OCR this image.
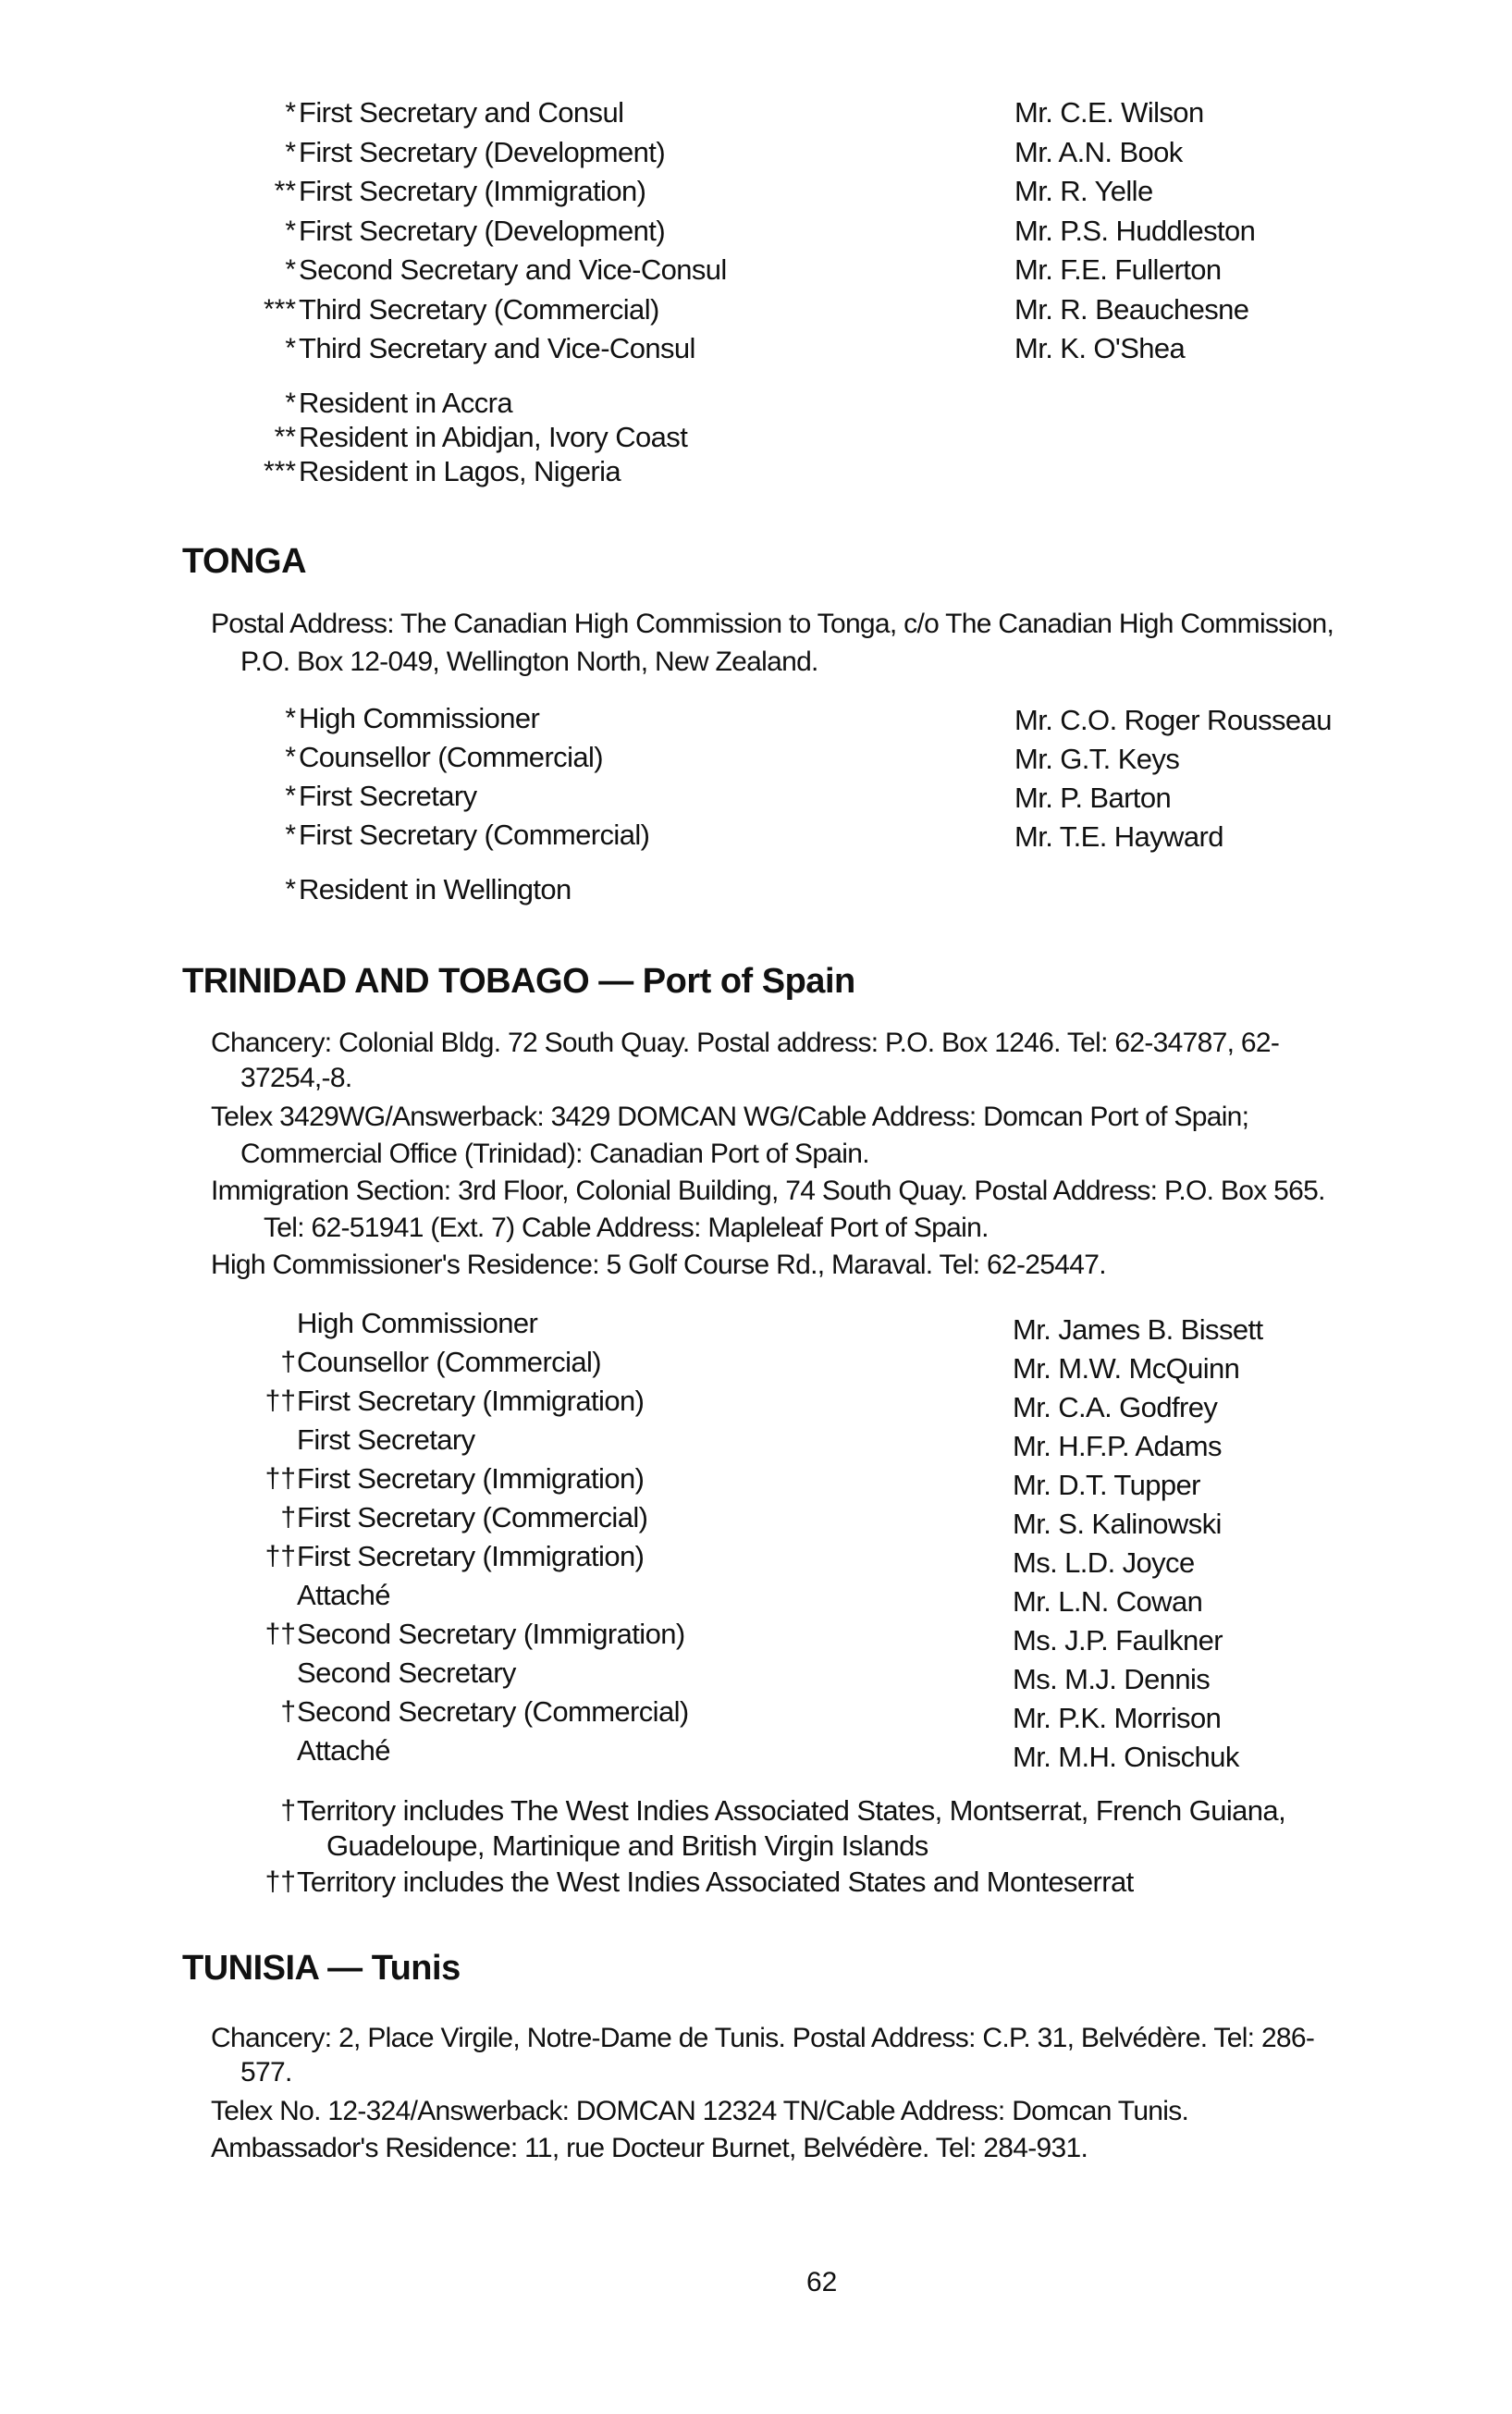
* First Secretary and Consul	Mr. C.E. Wilson
* First Secretary (Development)	Mr. A.N. Book
** First Secretary (Immigration)	Mr. R. Yelle
* First Secretary (Development)	Mr. P.S. Huddleston
* Second Secretary and Vice-Consul	Mr. F.E. Fullerton
*** Third Secretary (Commercial)	Mr. R. Beauchesne
* Third Secretary and Vice-Consul	Mr. K. O'Shea
* Resident in Accra
** Resident in Abidjan, Ivory Coast
*** Resident in Lagos, Nigeria
TONGA
Postal Address: The Canadian High Commission to Tonga, c/o The Canadian High Commission,
P.O. Box 12-049, Wellington North, New Zealand.
* High Commissioner	Mr. C.O. Roger Rousseau
* Counsellor (Commercial)	Mr. G.T. Keys
* First Secretary	Mr. P. Barton
* First Secretary (Commercial)	Mr. T.E. Hayward
* Resident in Wellington
TRINIDAD AND TOBAGO — Port of Spain
Chancery: Colonial Bldg. 72 South Quay. Postal address: P.O. Box 1246. Tel: 62-34787, 62-
37254,-8.
Telex 3429WG/Answerback: 3429 DOMCAN WG/Cable Address: Domcan Port of Spain;
Commercial Office (Trinidad): Canadian Port of Spain.
Immigration Section: 3rd Floor, Colonial Building, 74 South Quay. Postal Address: P.O. Box 565.
Tel: 62-51941 (Ext. 7) Cable Address: Mapleleaf Port of Spain.
High Commissioner's Residence: 5 Golf Course Rd., Maraval. Tel: 62-25447.
High Commissioner	Mr. James B. Bissett
† Counsellor (Commercial)	Mr. M.W. McQuinn
†† First Secretary (Immigration)	Mr. C.A. Godfrey
First Secretary	Mr. H.F.P. Adams
†† First Secretary (Immigration)	Mr. D.T. Tupper
† First Secretary (Commercial)	Mr. S. Kalinowski
†† First Secretary (Immigration)	Ms. L.D. Joyce
Attaché	Mr. L.N. Cowan
†† Second Secretary (Immigration)	Ms. J.P. Faulkner
Second Secretary	Ms. M.J. Dennis
† Second Secretary (Commercial)	Mr. P.K. Morrison
Attaché	Mr. M.H. Onischuk
† Territory includes The West Indies Associated States, Montserrat, French Guiana,
Guadeloupe, Martinique and British Virgin Islands
†† Territory includes the West Indies Associated States and Monteserrat
TUNISIA — Tunis
Chancery: 2, Place Virgile, Notre-Dame de Tunis. Postal Address: C.P. 31, Belvédère. Tel: 286-
577.
Telex No. 12-324/Answerback: DOMCAN 12324 TN/Cable Address: Domcan Tunis.
Ambassador's Residence: 11, rue Docteur Burnet, Belvédère. Tel: 284-931.
62
